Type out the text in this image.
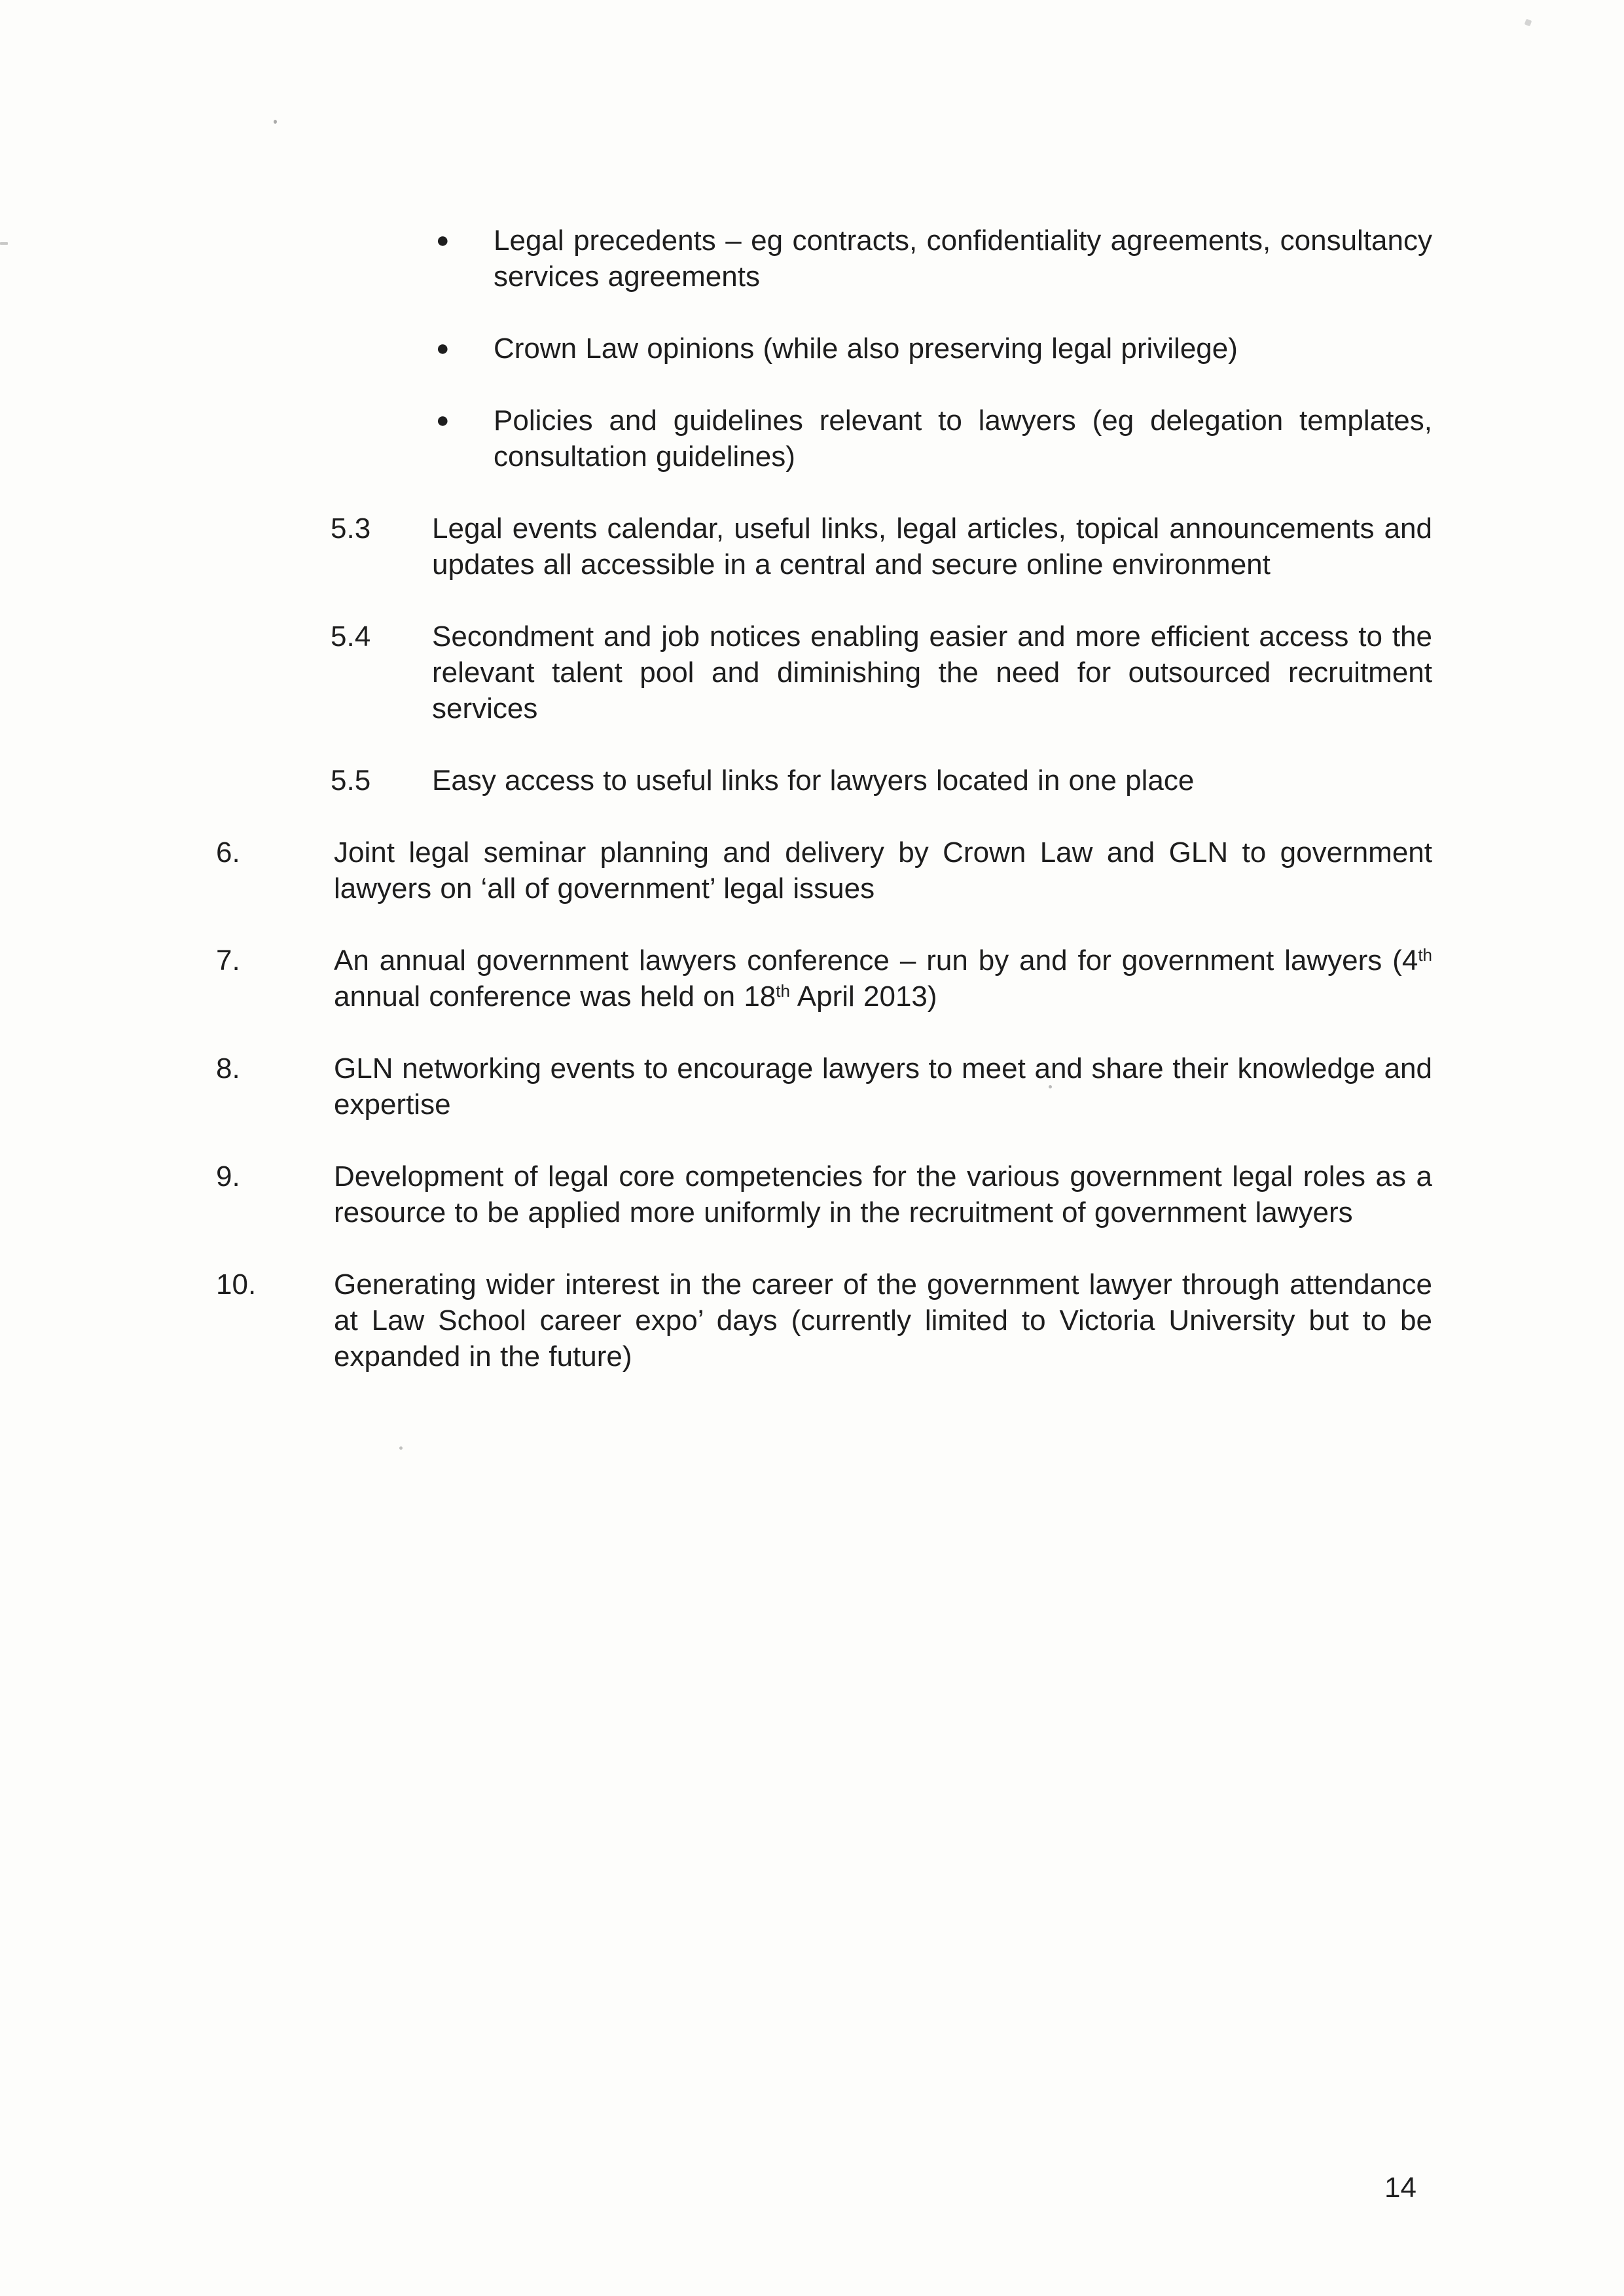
●	Legal precedents – eg contracts, confidentiality agreements, consultancy services agreements
●	Crown Law opinions (while also preserving legal privilege)
●	Policies and guidelines relevant to lawyers (eg delegation templates, consultation guidelines)
5.3	Legal events calendar, useful links, legal articles, topical announcements and updates all accessible in a central and secure online environment
5.4	Secondment and job notices enabling easier and more efficient access to the relevant talent pool and diminishing the need for outsourced recruitment services
5.5	Easy access to useful links for lawyers located in one place
6.	Joint legal seminar planning and delivery by Crown Law and GLN to government lawyers on ‘all of government’ legal issues
7.	An annual government lawyers conference – run by and for government lawyers (4th annual conference was held on 18th April 2013)
8.	GLN networking events to encourage lawyers to meet and share their knowledge and expertise
9.	Development of legal core competencies for the various government legal roles as a resource to be applied more uniformly in the recruitment of government lawyers
10.	Generating wider interest in the career of the government lawyer through attendance at Law School career expo’ days (currently limited to Victoria University but to be expanded in the future)
14
